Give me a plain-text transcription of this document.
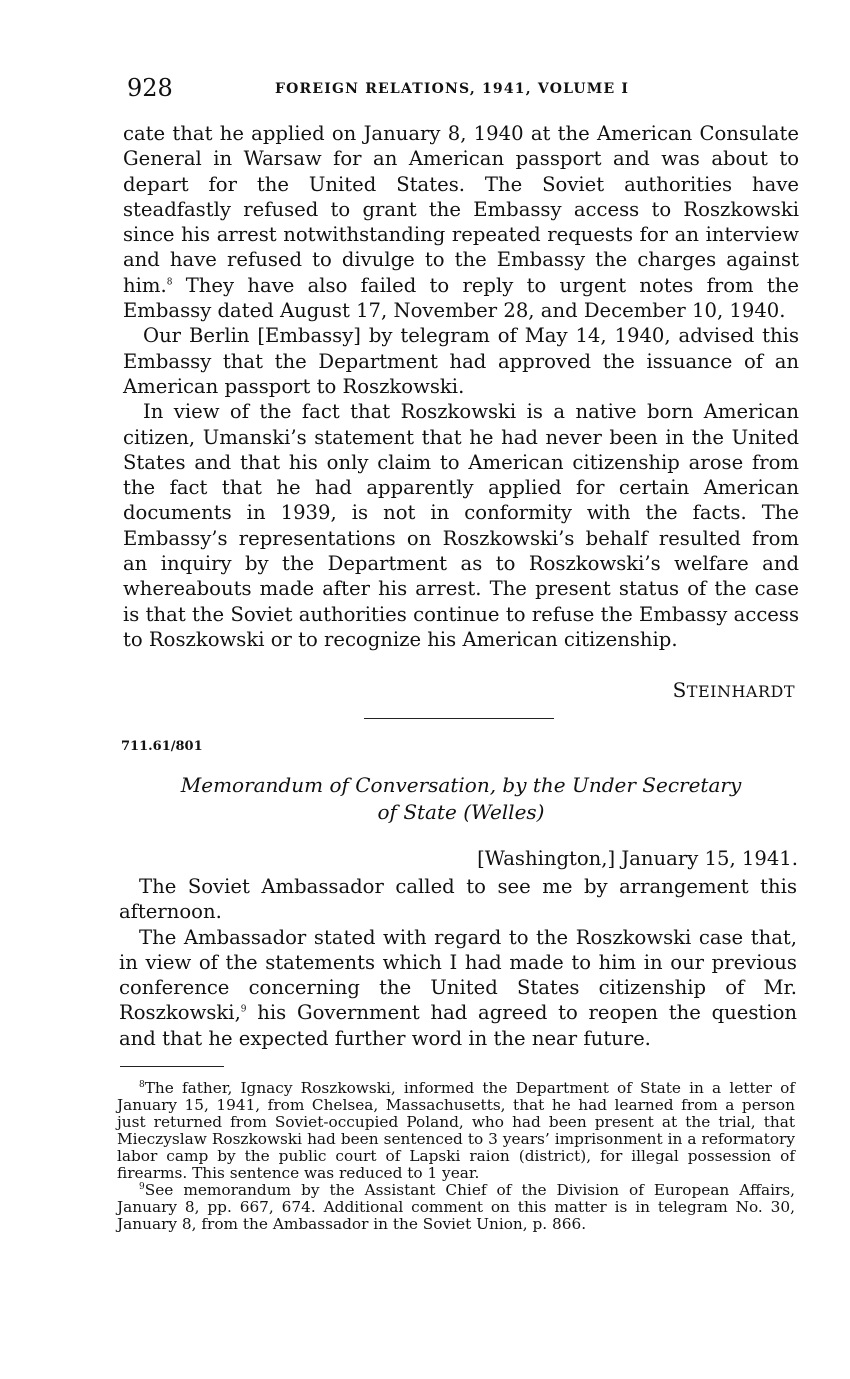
928	FOREIGN RELATIONS, 1941, VOLUME I

cate that he applied on January 8, 1940 at the American Consulate General in Warsaw for an American passport and was about to depart for the United States. The Soviet authorities have steadfastly refused to grant the Embassy access to Roszkowski since his arrest notwithstanding repeated requests for an interview and have refused to divulge to the Embassy the charges against him.$^8$ They have also failed to reply to urgent notes from the Embassy dated August 17, November 28, and December 10, 1940.

Our Berlin [Embassy] by telegram of May 14, 1940, advised this Embassy that the Department had approved the issuance of an American passport to Roszkowski.

In view of the fact that Roszkowski is a native born American citizen, Umanski’s statement that he had never been in the United States and that his only claim to American citizenship arose from the fact that he had apparently applied for certain American documents in 1939, is not in conformity with the facts. The Embassy’s representations on Roszkowski’s behalf resulted from an inquiry by the Department as to Roszkowski’s welfare and whereabouts made after his arrest. The present status of the case is that the Soviet authorities continue to refuse the Embassy access to Roszkowski or to recognize his American citizenship.

STEINHARDT
711.61/801
Memorandum of Conversation, by the Under Secretary
of State (Welles)
[Washington,] January 15, 1941.

The Soviet Ambassador called to see me by arrangement this afternoon.

The Ambassador stated with regard to the Roszkowski case that, in view of the statements which I had made to him in our previous conference concerning the United States citizenship of Mr. Roszkowski,$^9$ his Government had agreed to reopen the question and that he expected further word in the near future.

$^8$The father, Ignacy Roszkowski, informed the Department of State in a letter of January 15, 1941, from Chelsea, Massachusetts, that he had learned from a person just returned from Soviet-occupied Poland, who had been present at the trial, that Mieczyslaw Roszkowski had been sentenced to 3 years’ imprisonment in a reformatory labor camp by the public court of Lapski raion (district), for illegal possession of firearms. This sentence was reduced to 1 year.

$^9$See memorandum by the Assistant Chief of the Division of European Affairs, January 8, pp. 667, 674. Additional comment on this matter is in telegram No. 30, January 8, from the Ambassador in the Soviet Union, p. 866.
